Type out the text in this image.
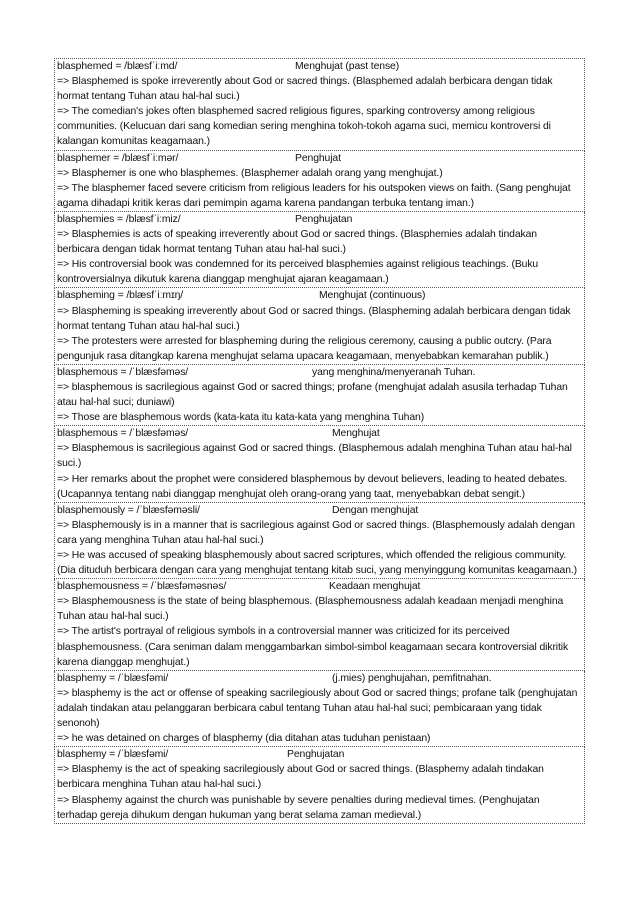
blasphemed = /blæsfˈiːmd/	Menghujat (past tense)
=> Blasphemed is spoke irreverently about God or sacred things. (Blasphemed adalah berbicara dengan tidak hormat tentang Tuhan atau hal-hal suci.)
=> The comedian's jokes often blasphemed sacred religious figures, sparking controversy among religious communities. (Kelucuan dari sang komedian sering menghina tokoh-tokoh agama suci, memicu kontroversi di kalangan komunitas keagamaan.)
blasphemer = /blæsfˈiːmər/	Penghujat
=> Blasphemer is one who blasphemes. (Blasphemer adalah orang yang menghujat.)
=> The blasphemer faced severe criticism from religious leaders for his outspoken views on faith. (Sang penghujat agama dihadapi kritik keras dari pemimpin agama karena pandangan terbuka tentang iman.)
blasphemies = /blæsfˈiːmiz/	Penghujatan
=> Blasphemies is acts of speaking irreverently about God or sacred things. (Blasphemies adalah tindakan berbicara dengan tidak hormat tentang Tuhan atau hal-hal suci.)
=> His controversial book was condemned for its perceived blasphemies against religious teachings. (Buku kontroversialnya dikutuk karena dianggap menghujat ajaran keagamaan.)
blaspheming = /blæsfˈiːmɪŋ/	Menghujat (continuous)
=> Blaspheming is speaking irreverently about God or sacred things. (Blaspheming adalah berbicara dengan tidak hormat tentang Tuhan atau hal-hal suci.)
=> The protesters were arrested for blaspheming during the religious ceremony, causing a public outcry. (Para pengunjuk rasa ditangkap karena menghujat selama upacara keagamaan, menyebabkan kemarahan publik.)
blasphemous = /ˈblæsfəməs/	yang menghina/menyeranah Tuhan.
=> blasphemous is sacrilegious against God or sacred things; profane (menghujat adalah asusila terhadap Tuhan atau hal-hal suci; duniawi)
=> Those are blasphemous words (kata-kata itu kata-kata yang menghina Tuhan)
blasphemous = /ˈblæsfəməs/	Menghujat
=> Blasphemous is sacrilegious against God or sacred things. (Blasphemous adalah menghina Tuhan atau hal-hal suci.)
=> Her remarks about the prophet were considered blasphemous by devout believers, leading to heated debates. (Ucapannya tentang nabi dianggap menghujat oleh orang-orang yang taat, menyebabkan debat sengit.)
blasphemously = /ˈblæsfəməsli/	Dengan menghujat
=> Blasphemously is in a manner that is sacrilegious against God or sacred things. (Blasphemously adalah dengan cara yang menghina Tuhan atau hal-hal suci.)
=> He was accused of speaking blasphemously about sacred scriptures, which offended the religious community. (Dia dituduh berbicara dengan cara yang menghujat tentang kitab suci, yang menyinggung komunitas keagamaan.)
blasphemousness = /ˈblæsfəməsnəs/	Keadaan menghujat
=> Blasphemousness is the state of being blasphemous. (Blasphemousness adalah keadaan menjadi menghina Tuhan atau hal-hal suci.)
=> The artist's portrayal of religious symbols in a controversial manner was criticized for its perceived blasphemousness. (Cara seniman dalam menggambarkan simbol-simbol keagamaan secara kontroversial dikritik karena dianggap menghujat.)
blasphemy = /ˈblæsfəmi/	(j.mies) penghujahan, pemfitnahan.
=> blasphemy is the act or offense of speaking sacrilegiously about God or sacred things; profane talk (penghujatan adalah tindakan atau pelanggaran berbicara cabul tentang Tuhan atau hal-hal suci; pembicaraan yang tidak senonoh)
=> he was detained on charges of blasphemy (dia ditahan atas tuduhan penistaan)
blasphemy = /ˈblæsfəmi/	Penghujatan
=> Blasphemy is the act of speaking sacrilegiously about God or sacred things. (Blasphemy adalah tindakan berbicara menghina Tuhan atau hal-hal suci.)
=> Blasphemy against the church was punishable by severe penalties during medieval times. (Penghujatan terhadap gereja dihukum dengan hukuman yang berat selama zaman medieval.)
